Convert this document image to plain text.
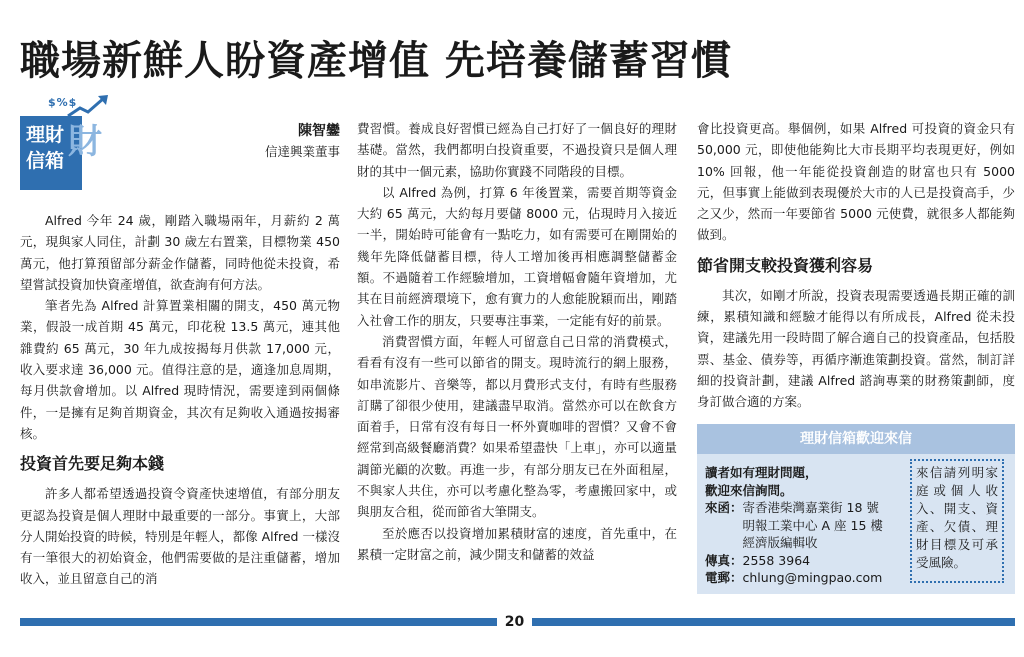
職場新鮮人盼資產增值 先培養儲蓄習慣
$%$
財
理財
信箱
陳智鑾
信達興業董事

Alfred 今年 24 歲，剛踏入職場兩年，月薪約 2 萬元，現與家人同住，計劃 30 歲左右置業，目標物業 450 萬元，他打算預留部分薪金作儲蓄，同時他從未投資，希望嘗試投資加快資產增值，欲查詢有何方法。

筆者先為 Alfred 計算置業相關的開支，450 萬元物業，假設一成首期 45 萬元，印花稅 13.5 萬元，連其他雜費約 65 萬元，30 年九成按揭每月供款 17,000 元，收入要求達 36,000 元。值得注意的是，適逢加息周期，每月供款會增加。以 Alfred 現時情況，需要達到兩個條件，一是擁有足夠首期資金，其次有足夠收入通過按揭審核。

投資首先要足夠本錢

許多人都希望透過投資令資產快速增值，有部分朋友更認為投資是個人理財中最重要的一部分。事實上，大部分人開始投資的時候，特別是年輕人，都像 Alfred 一樣沒有一筆很大的初始資金，他們需要做的是注重儲蓄，增加收入，並且留意自己的消

費習慣。養成良好習慣已經為自己打好了一個良好的理財基礎。當然，我們都明白投資重要，不過投資只是個人理財的其中一個元素，協助你實踐不同階段的目標。

以 Alfred 為例，打算 6 年後置業，需要首期等資金大約 65 萬元，大約每月要儲 8000 元，佔現時月入接近一半，開始時可能會有一點吃力，如有需要可在剛開始的幾年先降低儲蓄目標，待人工增加後再相應調整儲蓄金額。不過隨着工作經驗增加，工資增幅會隨年資增加，尤其在目前經濟環境下，愈有實力的人愈能脫穎而出，剛踏入社會工作的朋友，只要專注事業，一定能有好的前景。

消費習慣方面，年輕人可留意自己日常的消費模式，看看有沒有一些可以節省的開支。現時流行的網上服務，如串流影片、音樂等，都以月費形式支付，有時有些服務訂購了卻很少使用，建議盡早取消。當然亦可以在飲食方面着手，日常有沒有每日一杯外賣咖啡的習慣？又會不會經常到高級餐廳消費？如果希望盡快「上車」，亦可以適量調節光顧的次數。再進一步，有部分朋友已在外面租屋，不與家人共住，亦可以考慮化整為零，考慮搬回家中，或與朋友合租，從而節省大筆開支。

至於應否以投資增加累積財富的速度，首先重中，在累積一定財富之前，減少開支和儲蓄的效益

會比投資更高。舉個例，如果 Alfred 可投資的資金只有 50,000 元，即使他能夠比大市長期平均表現更好，例如 10% 回報，他一年能從投資創造的財富也只有 5000 元，但事實上能做到表現優於大市的人已是投資高手，少之又少，然而一年要節省 5000 元使費，就很多人都能夠做到。

節省開支較投資獲利容易

其次，如剛才所說，投資表現需要透過長期正確的訓練，累積知識和經驗才能得以有所成長，Alfred 從未投資，建議先用一段時間了解合適自己的投資產品，包括股票、基金、債券等，再循序漸進策劃投資。當然，制訂詳細的投資計劃，建議 Alfred 諮詢專業的財務策劃師，度身訂做合適的方案。

理財信箱歡迎來信
讀者如有理財問題，
歡迎來信詢問。
來函： 寄香港柴灣嘉業街 18 號
明報工業中心 A 座 15 樓
經濟版編輯收
傳真： 2558 3964
電郵： chlung@mingpao.com
來信請列明家庭或個人收入、開支、資產、欠債、理財目標及可承受風險。
20
